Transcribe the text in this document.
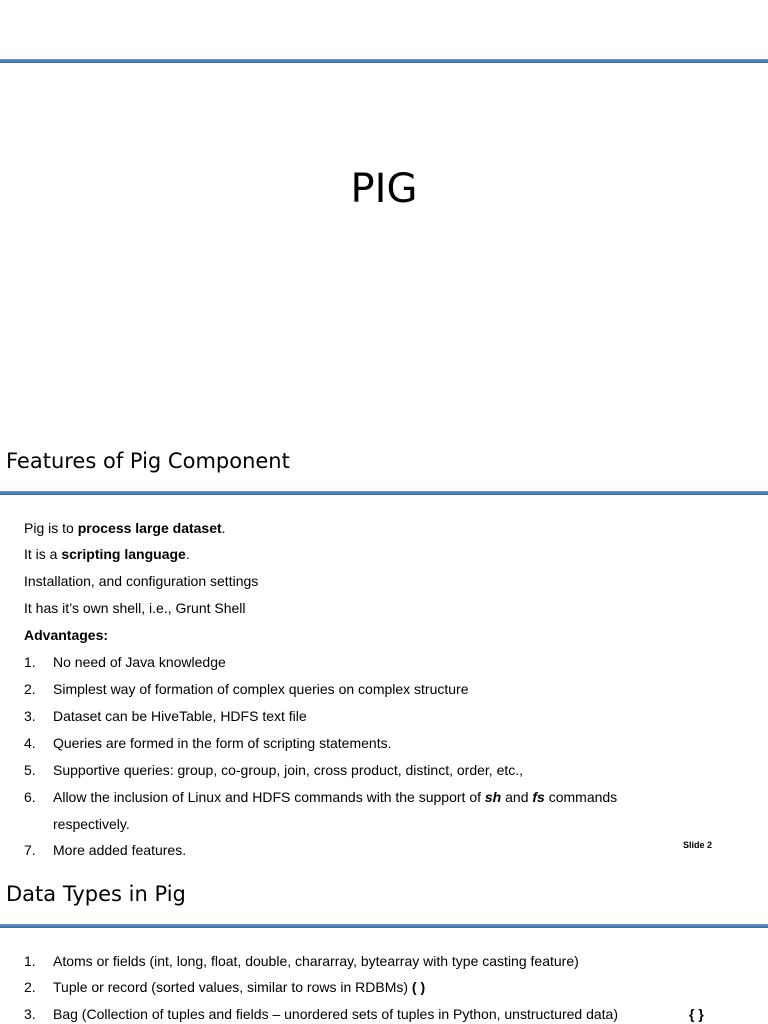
PIG
Features of Pig Component
Pig is to process large dataset.
It is a scripting language.
Installation, and configuration settings
It has it’s own shell, i.e., Grunt Shell
Advantages:
1. No need of Java knowledge
2. Simplest way of formation of complex queries on complex structure
3. Dataset can be HiveTable, HDFS text file
4. Queries are formed in the form of scripting statements.
5. Supportive queries: group, co-group, join, cross product, distinct, order, etc.,
6. Allow the inclusion of Linux and HDFS commands with the support of sh and fs commands
respectively.
7. More added features.	Slide 2
Data Types in Pig
1. Atoms or fields (int, long, float, double, chararray, bytearray with type casting feature)
2. Tuple or record (sorted values, similar to rows in RDBMs) ( )
3. Bag (Collection of tuples and fields – unordered sets of tuples in Python, unstructured data)	{ }
